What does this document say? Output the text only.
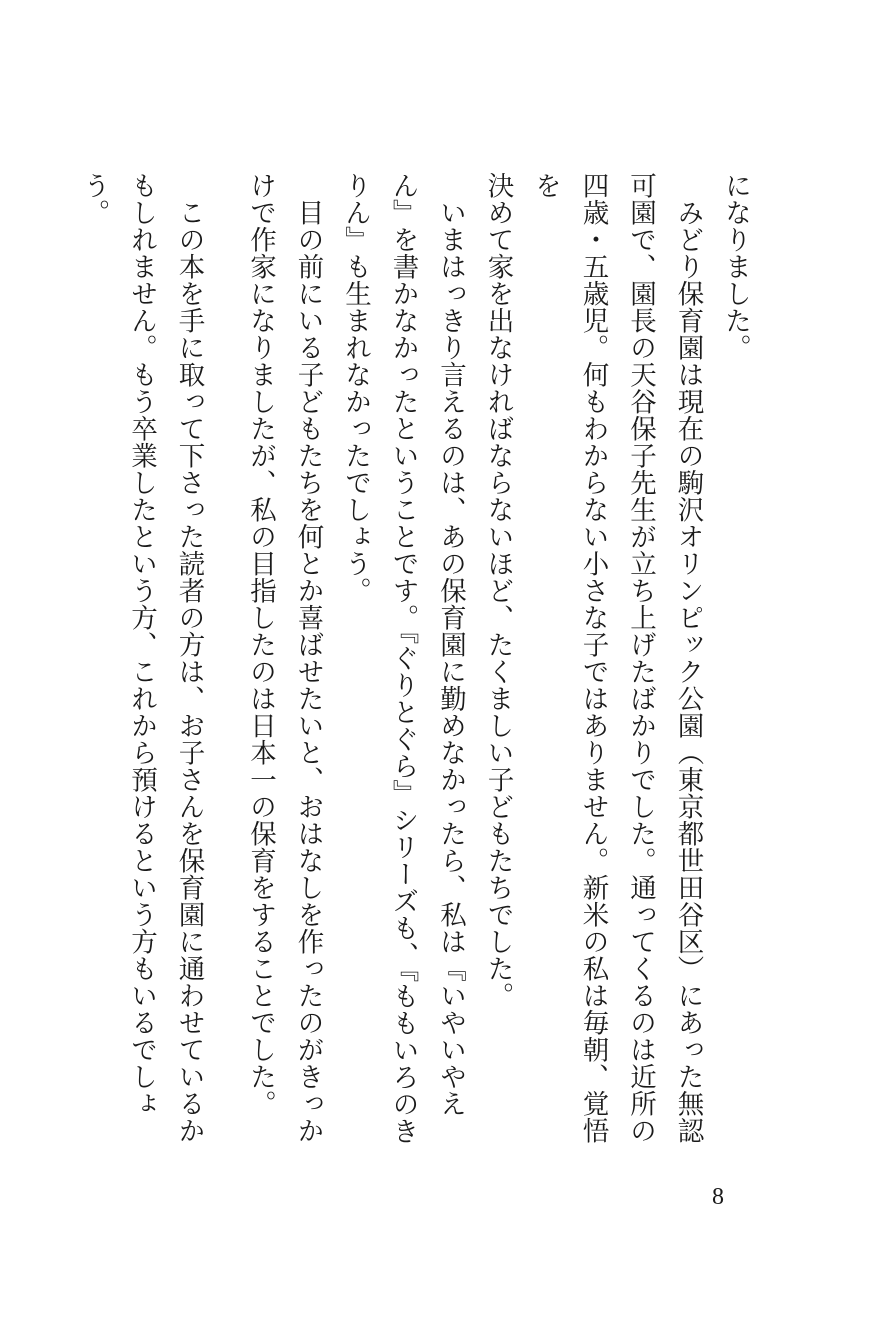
になりました。
　みどり保育園は現在の駒沢オリンピック公園（東京都世田谷区）にあった無認
可園で、園長の天谷保子先生が立ち上げたばかりでした。通ってくるのは近所の
四歳・五歳児。何もわからない小さな子ではありません。新米の私は毎朝、覚悟を
決めて家を出なければならないほど、たくましい子どもたちでした。
　いまはっきり言えるのは、あの保育園に勤めなかったら、私は『いやいやえ
ん』を書かなかったということです。『ぐりとぐら』シリーズも、『ももいろのき
りん』も生まれなかったでしょう。
　目の前にいる子どもたちを何とか喜ばせたいと、おはなしを作ったのがきっか
けで作家になりましたが、私の目指したのは日本一の保育をすることでした。
　この本を手に取って下さった読者の方は、お子さんを保育園に通わせているか
もしれません。もう卒業したという方、これから預けるという方もいるでしょう。
8
